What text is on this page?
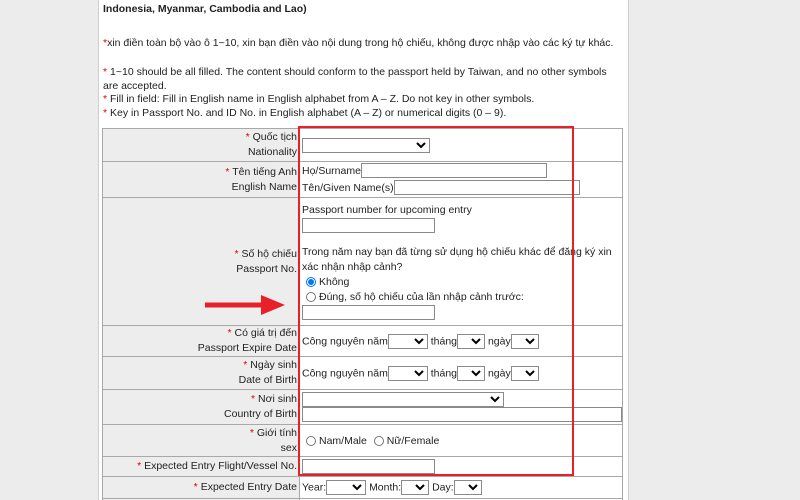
Indonesia, Myanmar, Cambodia and Lao)
*xin điền toàn bộ vào ô 1~10, xin bạn điền vào nội dung trong hộ chiếu, không được nhập vào các ký tự khác.
* 1~10 should be all filled. The content should conform to the passport held by Taiwan, and no other symbols are accepted.
* Fill in field: Fill in English name in English alphabet from A – Z. Do not key in other symbols.
* Key in Passport No. and ID No. in English alphabet (A – Z) or numerical digits (0 – 9).
* Quốc tịch
Nationality

* Tên tiếng Anh
English Name	Họ/Surname
Tên/Given Name(s)

* Số hộ chiếu
Passport No.	Passport number for upcoming entry
Trong năm nay bạn đã từng sử dụng hộ chiếu khác để đăng ký xin xác nhận nhập cảnh?
Không
Đúng, số hộ chiếu của lần nhập cảnh trước:

* Có giá trị đến
Passport Expire Date	Công nguyên năm tháng ngày

* Ngày sinh
Date of Birth	Công nguyên năm tháng ngày

* Nơi sinh
Country of Birth

* Giới tính
sex	Nam/Male Nữ/Female
* Expected Entry Flight/Vessel No.	
* Expected Entry Date	Year: Month: Day:
